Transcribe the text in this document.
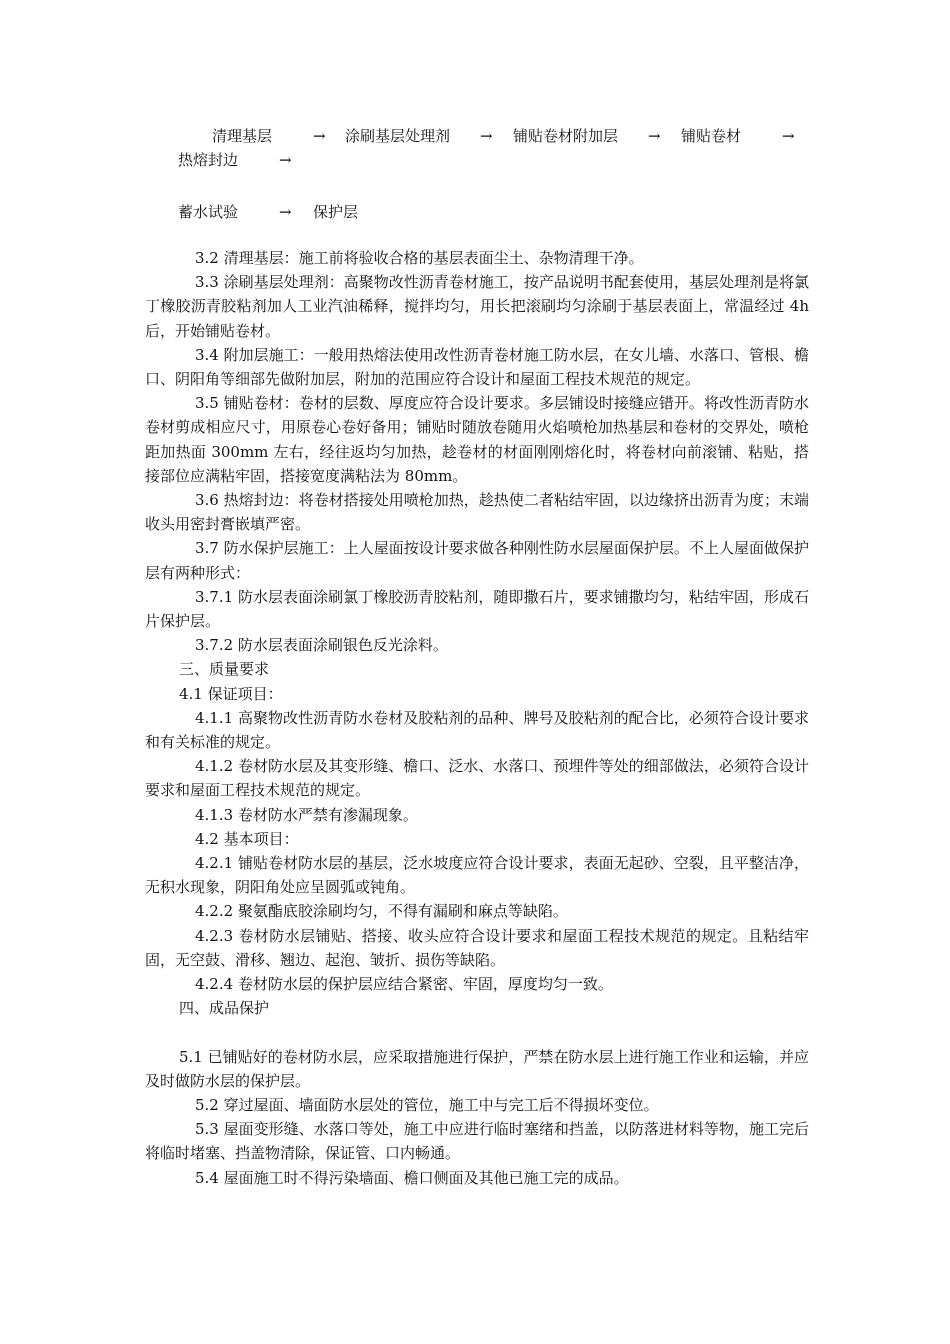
清理基层	→ 涂刷基层处理剂 → 铺贴卷材附加层 → 铺贴卷材	→
热熔封边	→
蓄水试验	→ 保护层

3.2 清理基层：施工前将验收合格的基层表面尘土、杂物清理干净。

3.3 涂刷基层处理剂：高聚物改性沥青卷材施工，按产品说明书配套使用，基层处理剂是将氯丁橡胶沥青胶粘剂加人工业汽油稀释，搅拌均匀，用长把滚刷均匀涂刷于基层表面上，常温经过 4h 后，开始铺贴卷材。

3.4 附加层施工：一般用热熔法使用改性沥青卷材施工防水层，在女儿墙、水落口、管根、檐口、阴阳角等细部先做附加层，附加的范围应符合设计和屋面工程技术规范的规定。

3.5 铺贴卷材：卷材的层数、厚度应符合设计要求。多层铺设时接缝应错开。将改性沥青防水卷材剪成相应尺寸，用原卷心卷好备用；铺贴时随放卷随用火焰喷枪加热基层和卷材的交界处，喷枪距加热面 300mm 左右，经往返均匀加热，趁卷材的材面刚刚熔化时，将卷材向前滚铺、粘贴，搭接部位应满粘牢固，搭接宽度满粘法为 80mm。

3.6 热熔封边：将卷材搭接处用喷枪加热，趁热使二者粘结牢固，以边缘挤出沥青为度；末端收头用密封膏嵌填严密。

3.7 防水保护层施工：上人屋面按设计要求做各种刚性防水层屋面保护层。不上人屋面做保护层有两种形式：

3.7.1 防水层表面涂刷氯丁橡胶沥青胶粘剂，随即撒石片，要求铺撒均匀，粘结牢固，形成石片保护层。

3.7.2 防水层表面涂刷银色反光涂料。

三、质量要求

4.1 保证项目：

4.1.1 高聚物改性沥青防水卷材及胶粘剂的品种、牌号及胶粘剂的配合比，必须符合设计要求和有关标准的规定。

4.1.2 卷材防水层及其变形缝、檐口、泛水、水落口、预埋件等处的细部做法，必须符合设计要求和屋面工程技术规范的规定。

4.1.3 卷材防水严禁有渗漏现象。

4.2 基本项目：

4.2.1 铺贴卷材防水层的基层，泛水坡度应符合设计要求，表面无起砂、空裂，且平整洁净，无积水现象，阴阳角处应呈圆弧或钝角。

4.2.2 聚氨酯底胶涂刷均匀，不得有漏刷和麻点等缺陷。

4.2.3 卷材防水层铺贴、搭接、收头应符合设计要求和屋面工程技术规范的规定。且粘结牢固，无空鼓、滑移、翘边、起泡、皱折、损伤等缺陷。

4.2.4 卷材防水层的保护层应结合紧密、牢固，厚度均匀一致。

四、成品保护

5.1 已铺贴好的卷材防水层，应采取措施进行保护，严禁在防水层上进行施工作业和运输，并应及时做防水层的保护层。

5.2 穿过屋面、墙面防水层处的管位，施工中与完工后不得损坏变位。

5.3 屋面变形缝、水落口等处，施工中应进行临时塞绪和挡盖，以防落进材料等物，施工完后将临时堵塞、挡盖物清除，保证管、口内畅通。

5.4 屋面施工时不得污染墙面、檐口侧面及其他已施工完的成品。
